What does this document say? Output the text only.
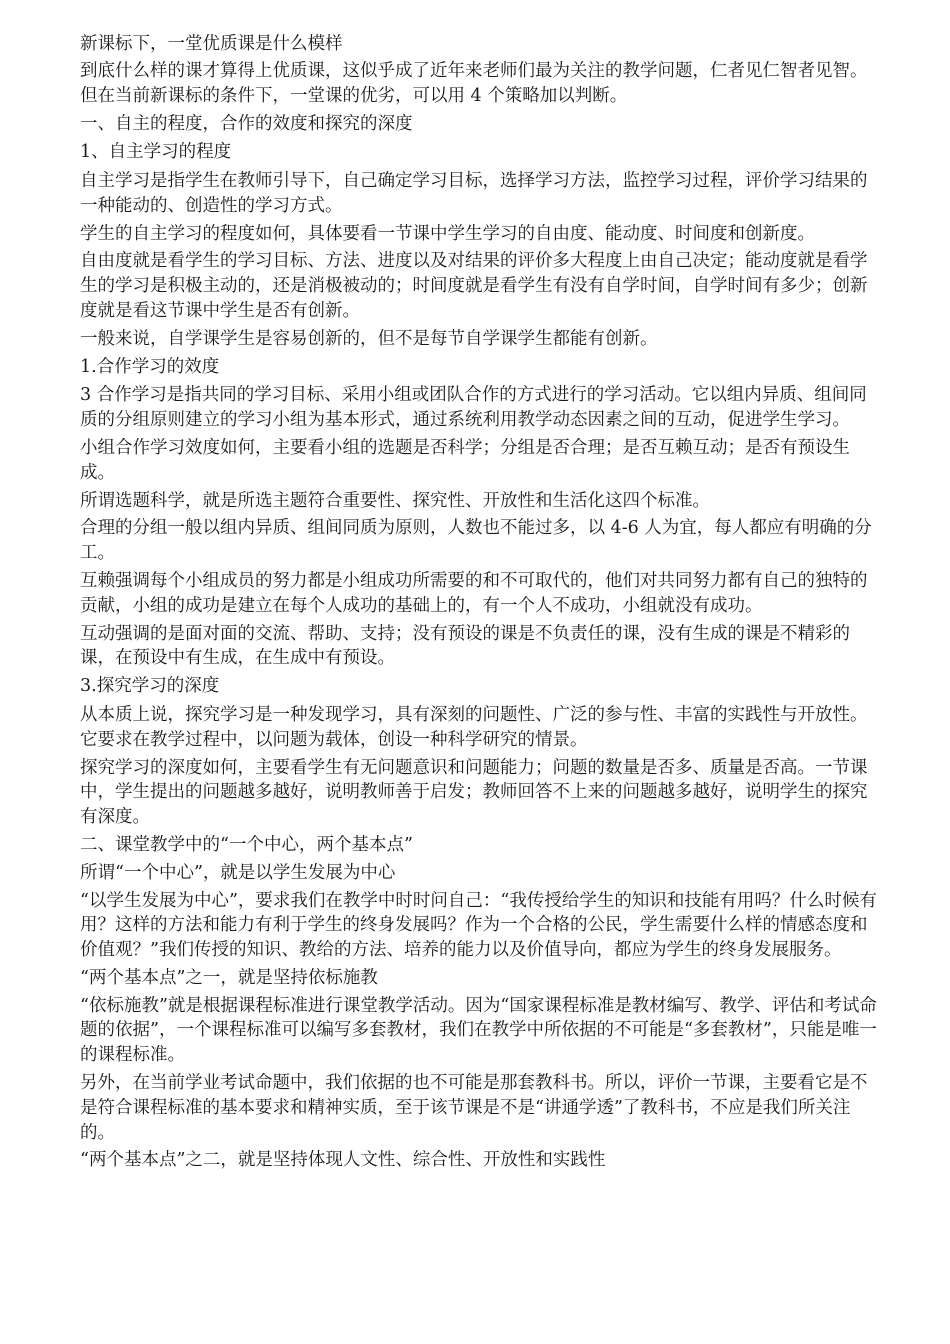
新课标下，一堂优质课是什么模样

到底什么样的课才算得上优质课，这似乎成了近年来老师们最为关注的教学问题，仁者见仁智者见智。但在当前新课标的条件下，一堂课的优劣，可以用 4 个策略加以判断。

一、自主的程度，合作的效度和探究的深度

1、自主学习的程度

自主学习是指学生在教师引导下，自己确定学习目标，选择学习方法，监控学习过程，评价学习结果的一种能动的、创造性的学习方式。

学生的自主学习的程度如何，具体要看一节课中学生学习的自由度、能动度、时间度和创新度。

自由度就是看学生的学习目标、方法、进度以及对结果的评价多大程度上由自己决定；能动度就是看学生的学习是积极主动的，还是消极被动的；时间度就是看学生有没有自学时间，自学时间有多少；创新度就是看这节课中学生是否有创新。

一般来说，自学课学生是容易创新的，但不是每节自学课学生都能有创新。

1.合作学习的效度

3 合作学习是指共同的学习目标、采用小组或团队合作的方式进行的学习活动。它以组内异质、组间同质的分组原则建立的学习小组为基本形式，通过系统利用教学动态因素之间的互动，促进学生学习。

小组合作学习效度如何，主要看小组的选题是否科学；分组是否合理；是否互赖互动；是否有预设生成。

所谓选题科学，就是所选主题符合重要性、探究性、开放性和生活化这四个标准。

合理的分组一般以组内异质、组间同质为原则，人数也不能过多，以 4-6 人为宜，每人都应有明确的分工。

互赖强调每个小组成员的努力都是小组成功所需要的和不可取代的，他们对共同努力都有自己的独特的贡献，小组的成功是建立在每个人成功的基础上的，有一个人不成功，小组就没有成功。

互动强调的是面对面的交流、帮助、支持；没有预设的课是不负责任的课，没有生成的课是不精彩的课，在预设中有生成，在生成中有预设。

3.探究学习的深度

从本质上说，探究学习是一种发现学习，具有深刻的问题性、广泛的参与性、丰富的实践性与开放性。它要求在教学过程中，以问题为载体，创设一种科学研究的情景。

探究学习的深度如何，主要看学生有无问题意识和问题能力；问题的数量是否多、质量是否高。一节课中，学生提出的问题越多越好，说明教师善于启发；教师回答不上来的问题越多越好，说明学生的探究有深度。

二、课堂教学中的“一个中心，两个基本点”

所谓“一个中心”，就是以学生发展为中心

“以学生发展为中心”，要求我们在教学中时时问自己：“我传授给学生的知识和技能有用吗？什么时候有用？这样的方法和能力有利于学生的终身发展吗？作为一个合格的公民，学生需要什么样的情感态度和价值观？”我们传授的知识、教给的方法、培养的能力以及价值导向，都应为学生的终身发展服务。

“两个基本点”之一，就是坚持依标施教

“依标施教”就是根据课程标准进行课堂教学活动。因为“国家课程标准是教材编写、教学、评估和考试命题的依据”，一个课程标准可以编写多套教材，我们在教学中所依据的不可能是“多套教材”，只能是唯一的课程标准。

另外，在当前学业考试命题中，我们依据的也不可能是那套教科书。所以，评价一节课，主要看它是不是符合课程标准的基本要求和精神实质，至于该节课是不是“讲通学透”了教科书，不应是我们所关注的。

“两个基本点”之二，就是坚持体现人文性、综合性、开放性和实践性
